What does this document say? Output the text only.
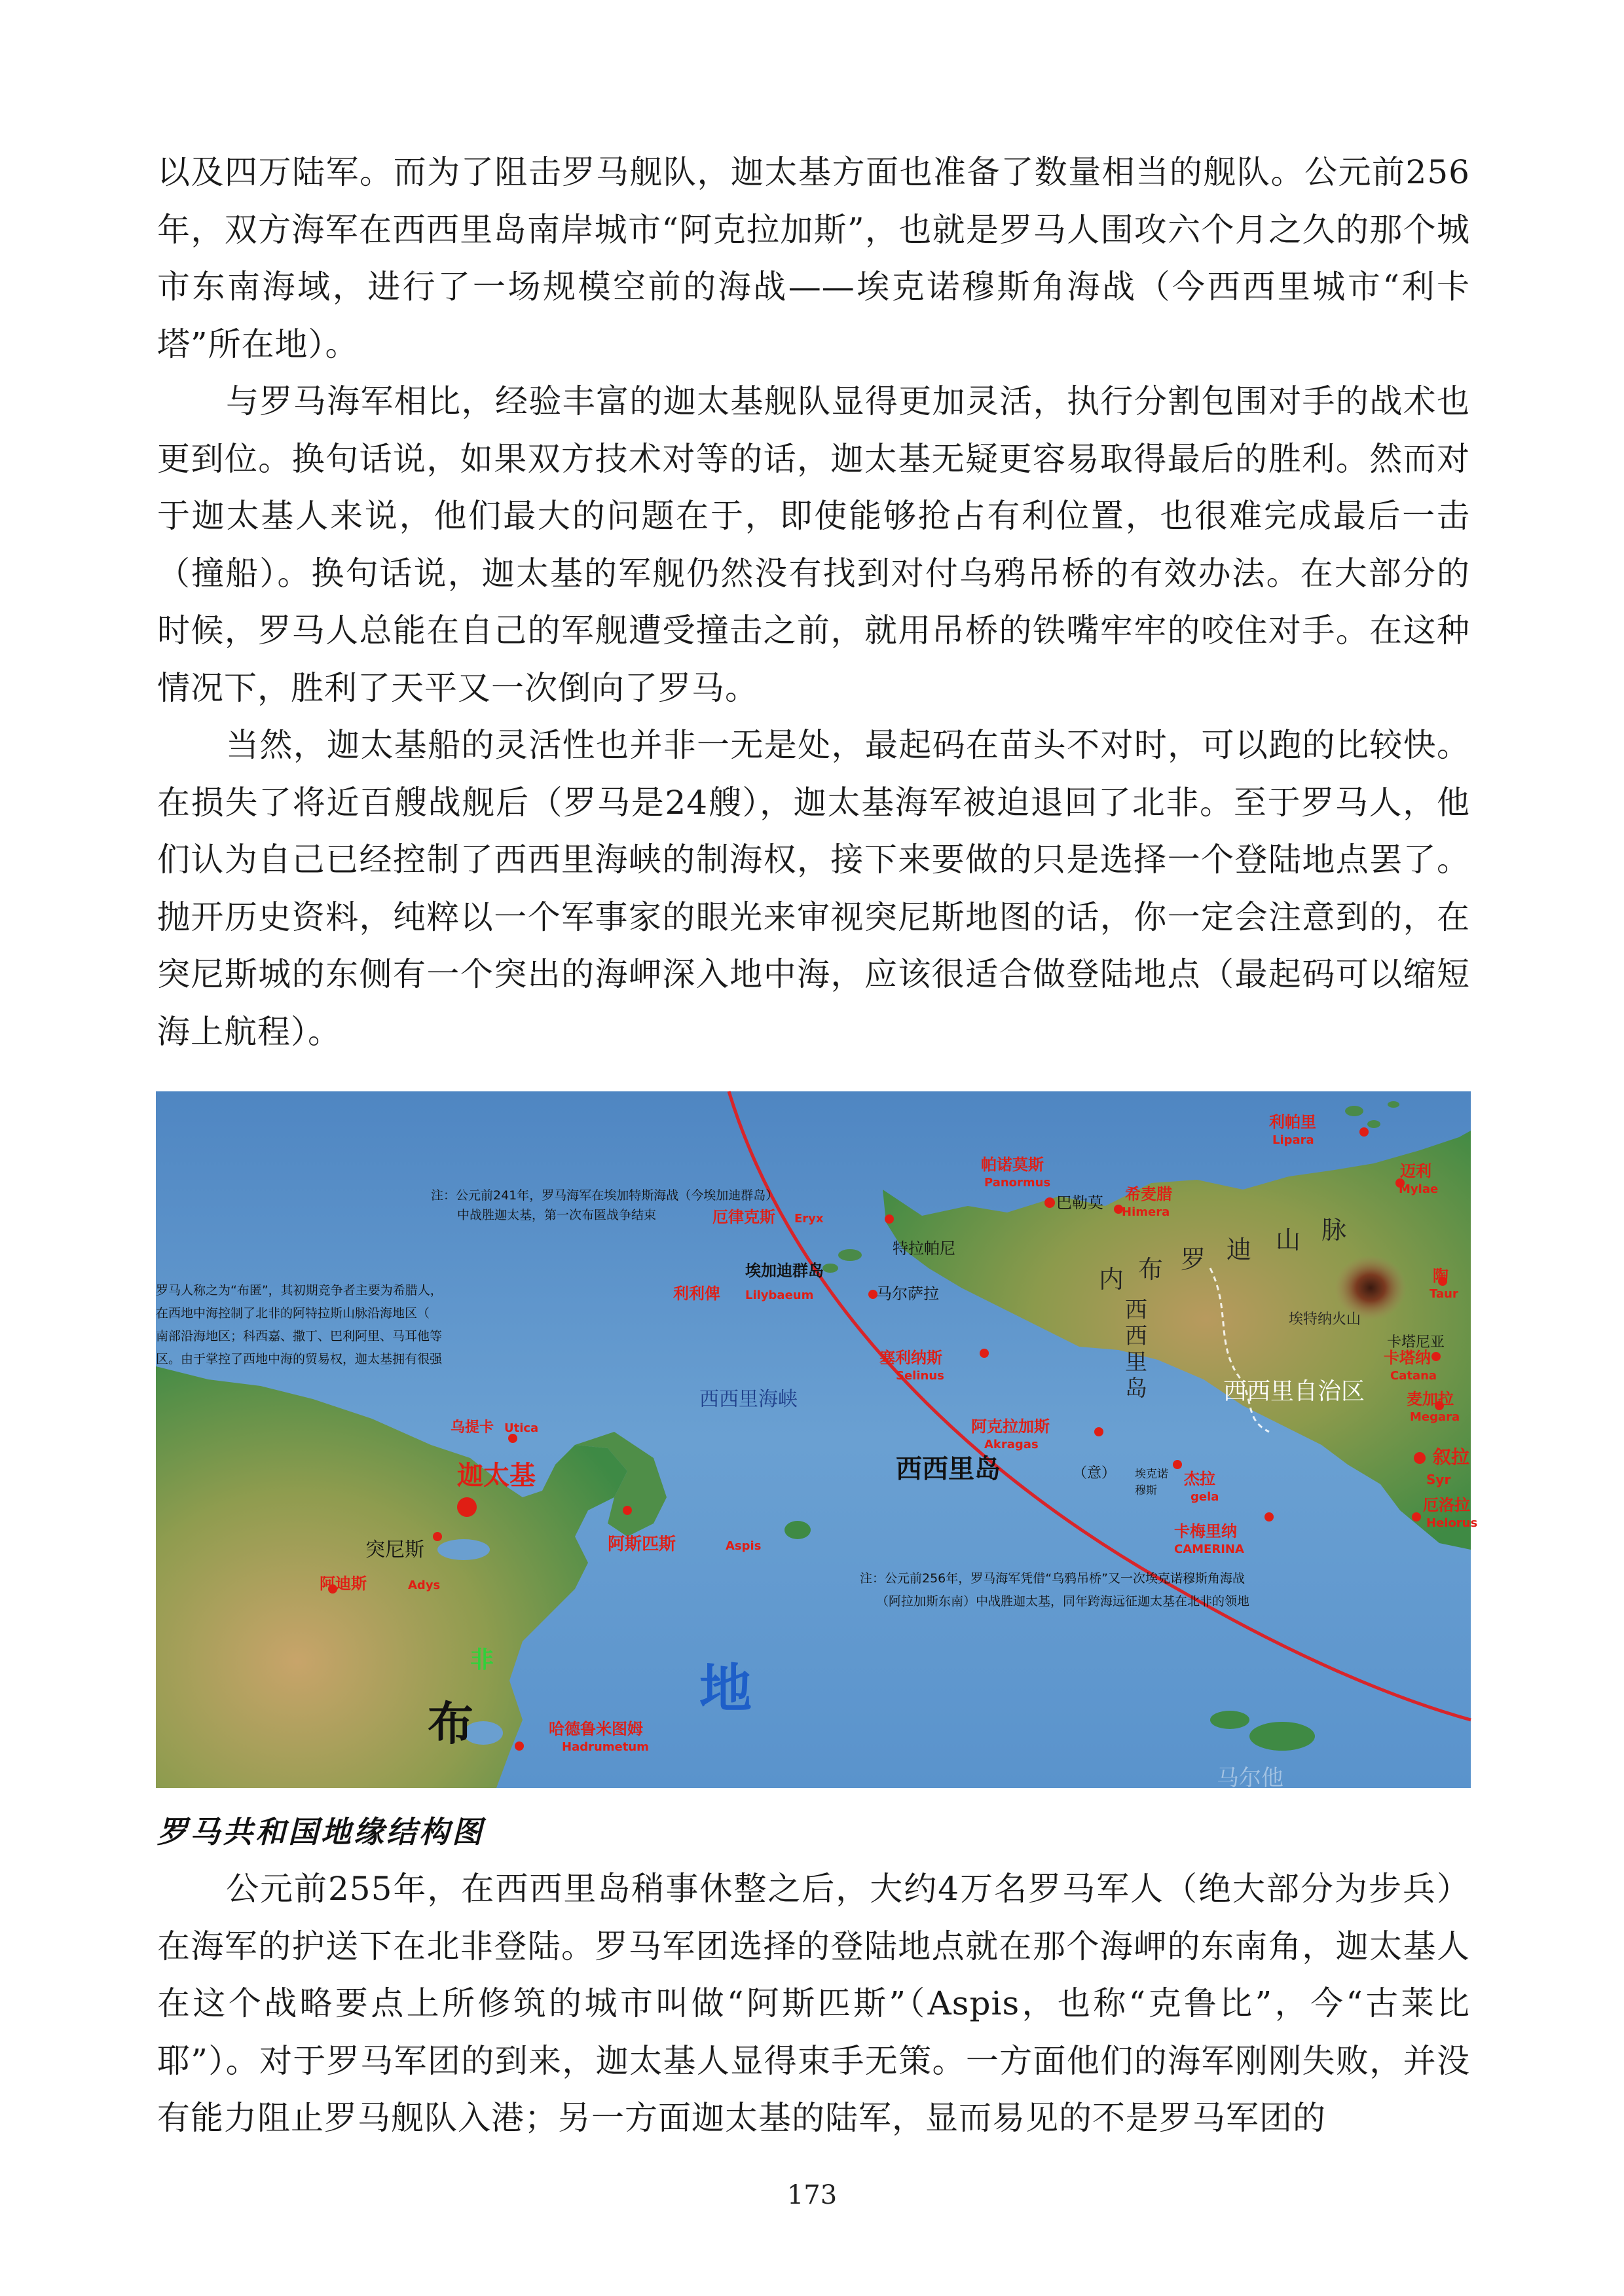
以及四万陆军。而为了阻击罗马舰队，迦太基方面也准备了数量相当的舰队。公元前256年，双方海军在西西里岛南岸城市“阿克拉加斯”，也就是罗马人围攻六个月之久的那个城市东南海域，进行了一场规模空前的海战——埃克诺穆斯角海战（今西西里城市“利卡塔”所在地）。

与罗马海军相比，经验丰富的迦太基舰队显得更加灵活，执行分割包围对手的战术也更到位。换句话说，如果双方技术对等的话，迦太基无疑更容易取得最后的胜利。然而对于迦太基人来说，他们最大的问题在于，即使能够抢占有利位置，也很难完成最后一击（撞船）。换句话说，迦太基的军舰仍然没有找到对付乌鸦吊桥的有效办法。在大部分的时候，罗马人总能在自己的军舰遭受撞击之前，就用吊桥的铁嘴牢牢的咬住对手。在这种情况下，胜利了天平又一次倒向了罗马。

当然，迦太基船的灵活性也并非一无是处，最起码在苗头不对时，可以跑的比较快。在损失了将近百艘战舰后（罗马是24艘），迦太基海军被迫退回了北非。至于罗马人，他们认为自己已经控制了西西里海峡的制海权，接下来要做的只是选择一个登陆地点罢了。抛开历史资料，纯粹以一个军事家的眼光来审视突尼斯地图的话，你一定会注意到的，在突尼斯城的东侧有一个突出的海岬深入地中海，应该很适合做登陆地点（最起码可以缩短海上航程）。

注：公元前241年，罗马海军在埃加特斯海战（今埃加迪群岛）
中战胜迦太基，第一次布匿战争结束
罗马人称之为“布匿”，其初期竞争者主要为希腊人，
在西地中海控制了北非的阿特拉斯山脉沿海地区（
南部沿海地区；科西嘉、撒丁、巴利阿里、马耳他等
区。由于掌控了西地中海的贸易权，迦太基拥有很强
注：公元前256年，罗马海军凭借“乌鸦吊桥”又一次埃克诺穆斯角海战
（阿拉加斯东南）中战胜迦太基，同年跨海远征迦太基在北非的领地
利帕里
Lipara
帕诺莫斯
Panormus
巴勒莫 希麦腊
Himera
迈利
Mylae
厄律克斯 Eryx
特拉帕尼
埃加迪群岛
利利俾 Lilybaeum	马尔萨拉
塞利纳斯
Selinus
阿克拉加斯
Akragas
埃克诺
穆斯
杰拉
gela
卡梅里纳
CAMERINA
卡塔尼亚
卡塔纳
Catana
麦加拉
Megara
叙拉
Syr
厄洛拉
Helorus
陶
Taur
乌提卡 Utica
迦太基
突尼斯
阿迪斯	Adys
阿斯匹斯	Aspis
哈德鲁米图姆
Hadrumetum
西西里海峡
西西里岛	（意）
内 布 罗 迪 山 脉
西
西
里
岛	西西里自治区
埃特纳火山
非
布
地
马尔他
罗马共和国地缘结构图

公元前255年，在西西里岛稍事休整之后，大约4万名罗马军人（绝大部分为步兵）在海军的护送下在北非登陆。罗马军团选择的登陆地点就在那个海岬的东南角，迦太基人在这个战略要点上所修筑的城市叫做“阿斯匹斯”（Aspis，也称“克鲁比”，今“古莱比耶”）。对于罗马军团的到来，迦太基人显得束手无策。一方面他们的海军刚刚失败，并没有能力阻止罗马舰队入港；另一方面迦太基的陆军，显而易见的不是罗马军团的

173
